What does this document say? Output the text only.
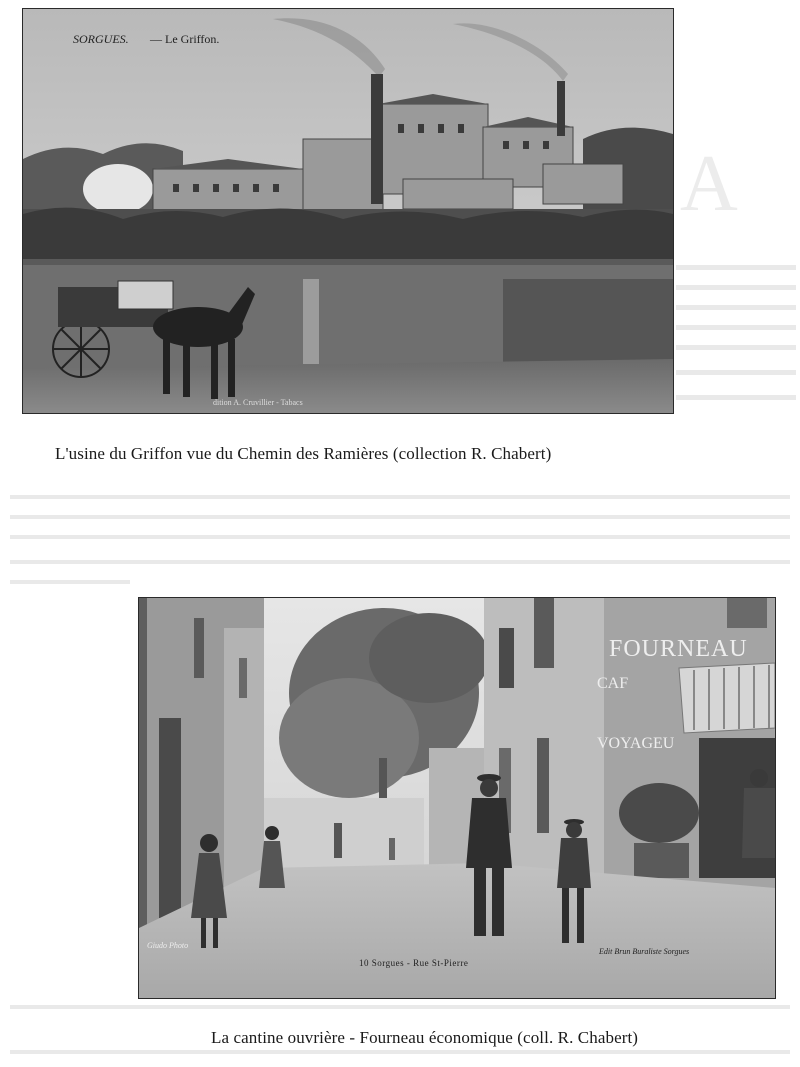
A
SORGUES. — Le Griffon.
dition A. Cruvillier - Tabacs
L'usine du Griffon vue du Chemin des Ramières (collection R. Chabert)
FOURNEAU
CAF
VOYAGEU
10 Sorgues - Rue St-Pierre
Giudo Photo
Edit Brun Buraliste Sorgues
La cantine ouvrière - Fourneau économique (coll. R. Chabert)
